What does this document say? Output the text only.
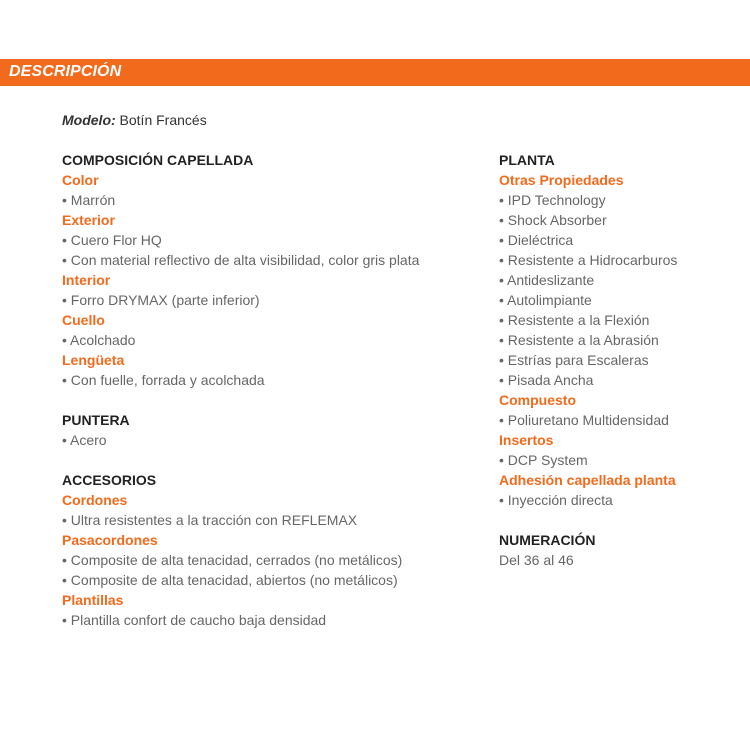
DESCRIPCIÓN
Modelo: Botín Francés
COMPOSICIÓN CAPELLADA
Color
• Marrón
Exterior
• Cuero Flor HQ
• Con material reflectivo de alta visibilidad, color gris plata
Interior
• Forro DRYMAX (parte inferior)
Cuello
• Acolchado
Lengüeta
• Con fuelle, forrada y acolchada
PUNTERA
• Acero
ACCESORIOS
Cordones
• Ultra resistentes a la tracción con REFLEMAX
Pasacordones
• Composite de alta tenacidad, cerrados (no metálicos)
• Composite de alta tenacidad, abiertos (no metálicos)
Plantillas
• Plantilla confort de caucho baja densidad
PLANTA
Otras Propiedades
• IPD Technology
• Shock Absorber
• Dieléctrica
• Resistente a Hidrocarburos
• Antideslizante
• Autolimpiante
• Resistente a la Flexión
• Resistente a la Abrasión
• Estrías para Escaleras
• Pisada Ancha
Compuesto
• Poliuretano Multidensidad
Insertos
• DCP System
Adhesión capellada planta
• Inyección directa
NUMERACIÓN
Del 36 al 46
